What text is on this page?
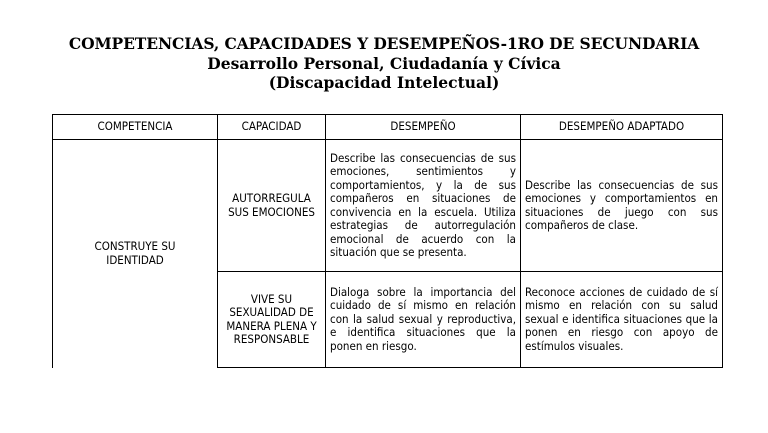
COMPETENCIAS, CAPACIDADES Y DESEMPEÑOS-1RO DE SECUNDARIA
Desarrollo Personal, Ciudadanía y Cívica
(Discapacidad Intelectual)
COMPETENCIA	CAPACIDAD	DESEMPEÑO	DESEMPEÑO ADAPTADO
CONSTRUYE SU IDENTIDAD	AUTORREGULA SUS EMOCIONES	Describe las consecuencias de sus emociones, sentimientos y comportamientos, y la de sus compañeros en situaciones de convivencia en la escuela. Utiliza estrategias de autorregulación emocional de acuerdo con la situación que se presenta.	Describe las consecuencias de sus emociones y comportamientos en situaciones de juego con sus compañeros de clase.
	VIVE SU SEXUALIDAD DE MANERA PLENA Y RESPONSABLE	Dialoga sobre la importancia del cuidado de sí mismo en relación con la salud sexual y reproductiva, e identifica situaciones que la ponen en riesgo.	Reconoce acciones de cuidado de sí mismo en relación con su salud sexual e identifica situaciones que la ponen en riesgo con apoyo de estímulos visuales.
